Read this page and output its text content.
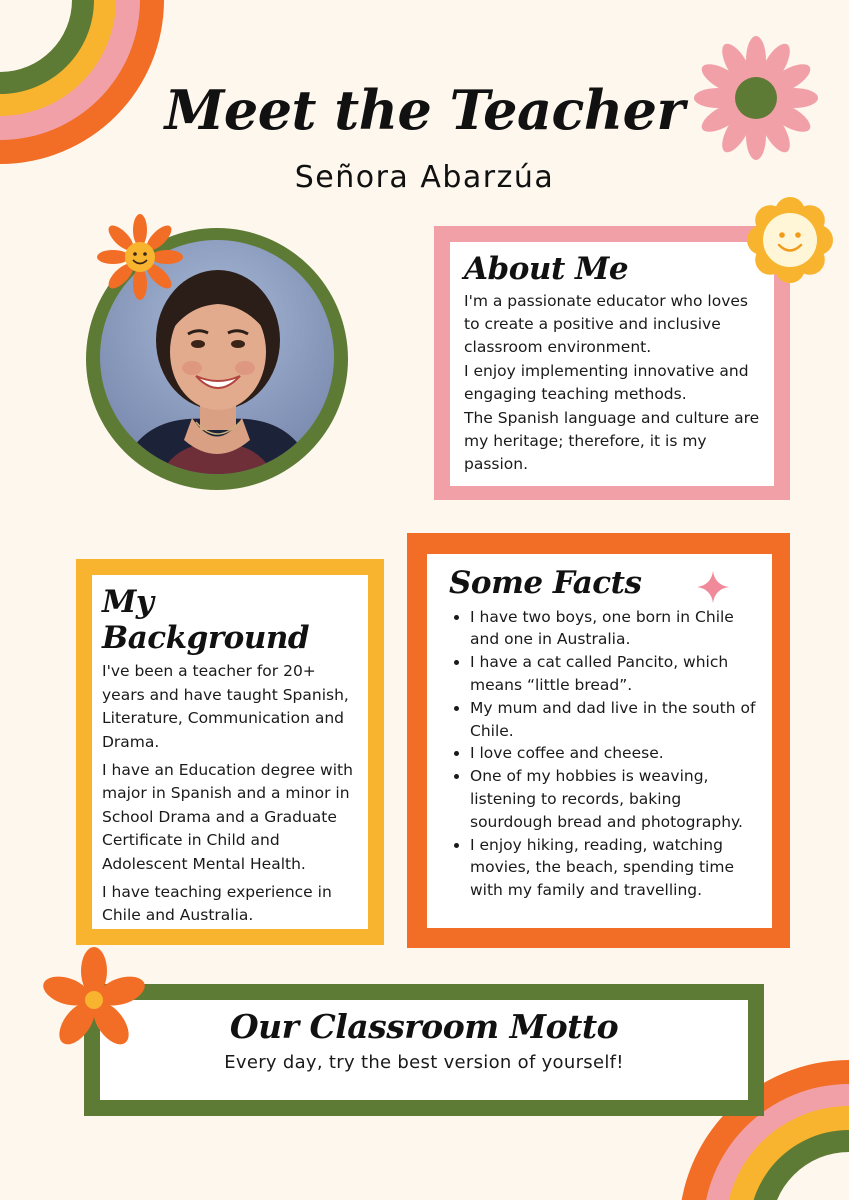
Meet the Teacher
Señora Abarzúa
About Me
I'm a passionate educator who loves to create a positive and inclusive classroom environment.
I enjoy implementing innovative and engaging teaching methods.
The Spanish language and culture are my heritage; therefore, it is my passion.
My Background

I've been a teacher for 20+ years and have taught Spanish, Literature, Communication and Drama.

I have an Education degree with major in Spanish and a minor in School Drama and a Graduate Certificate in Child and Adolescent Mental Health.

I have teaching experience in Chile and Australia.

Some Facts
• I have two boys, one born in Chile and one in Australia.
• I have a cat called Pancito, which means “little bread”.
• My mum and dad live in the south of Chile.
• I love coffee and cheese.
• One of my hobbies is weaving, listening to records, baking sourdough bread and photography.
• I enjoy hiking, reading, watching movies, the beach, spending time with my family and travelling.
Our Classroom Motto
Every day, try the best version of yourself!
